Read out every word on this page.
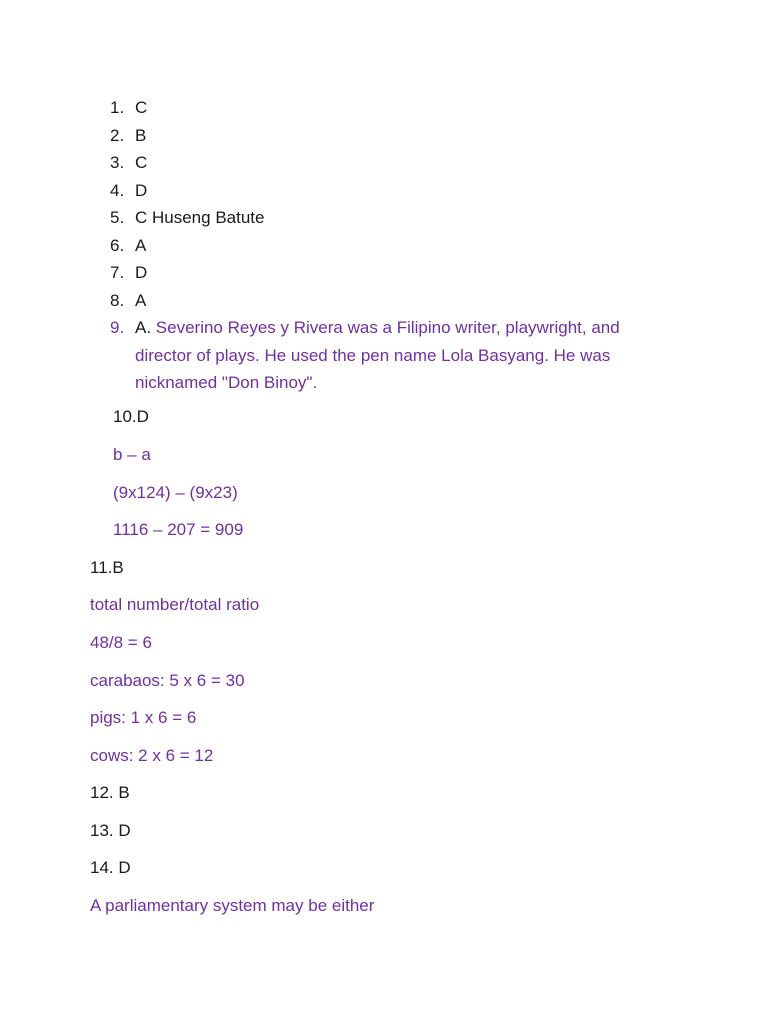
1. C
2. B
3. C
4. D
5. C Huseng Batute
6. A
7. D
8. A
9. A. Severino Reyes y Rivera was a Filipino writer, playwright, and director of plays. He used the pen name Lola Basyang. He was nicknamed "Don Binoy".
10.D
b – a
(9x124) – (9x23)
1116 – 207 = 909
11.B
total number/total ratio
48/8 = 6
carabaos: 5 x 6 = 30
pigs: 1 x 6 = 6
cows: 2 x 6 = 12
12. B
13. D
14. D
A parliamentary system may be either
